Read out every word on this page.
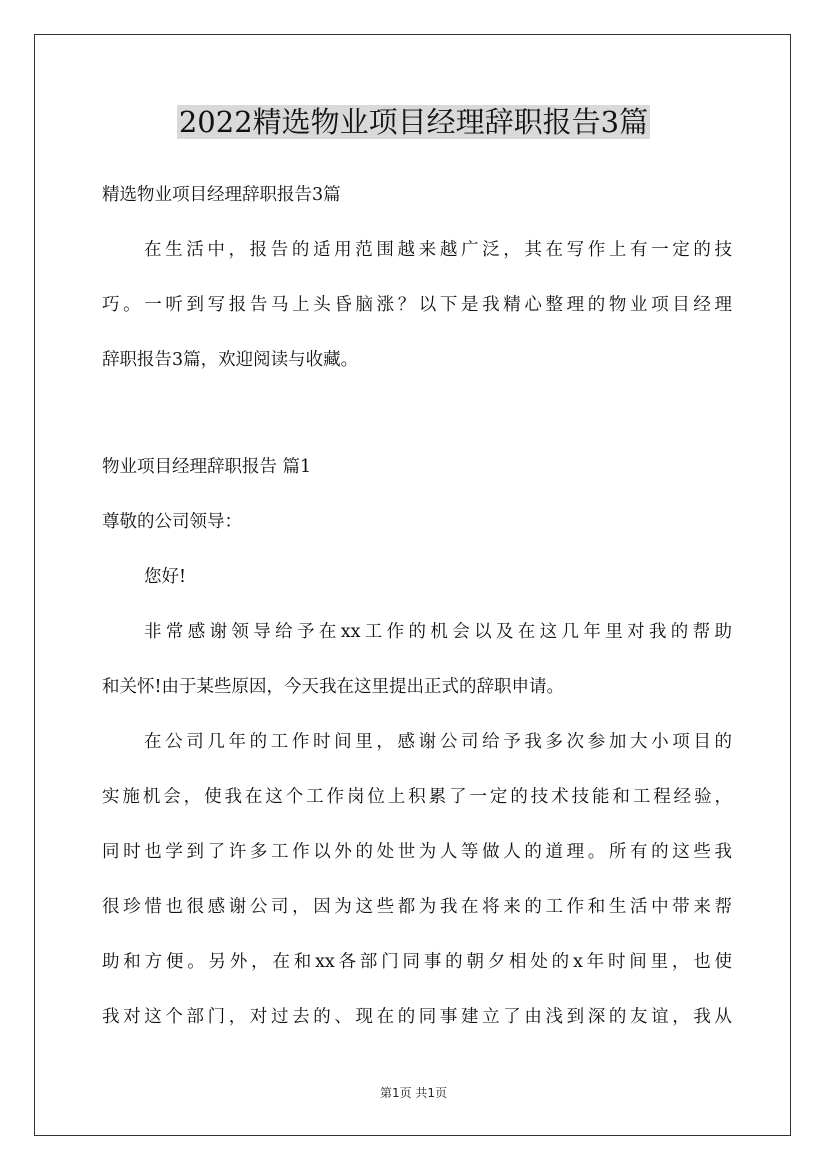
2022精选物业项目经理辞职报告3篇
精选物业项目经理辞职报告3篇
在生活中，报告的适用范围越来越广泛，其在写作上有一定的技
巧。一听到写报告马上头昏脑涨？以下是我精心整理的物业项目经理
辞职报告3篇，欢迎阅读与收藏。
物业项目经理辞职报告 篇1
尊敬的公司领导：
您好!
非常感谢领导给予在xx工作的机会以及在这几年里对我的帮助
和关怀!由于某些原因，今天我在这里提出正式的辞职申请。
在公司几年的工作时间里，感谢公司给予我多次参加大小项目的
实施机会，使我在这个工作岗位上积累了一定的技术技能和工程经验，
同时也学到了许多工作以外的处世为人等做人的道理。所有的这些我
很珍惜也很感谢公司，因为这些都为我在将来的工作和生活中带来帮
助和方便。另外，在和xx各部门同事的朝夕相处的x年时间里，也使
我对这个部门，对过去的、现在的同事建立了由浅到深的友谊，我从
第1页 共1页
